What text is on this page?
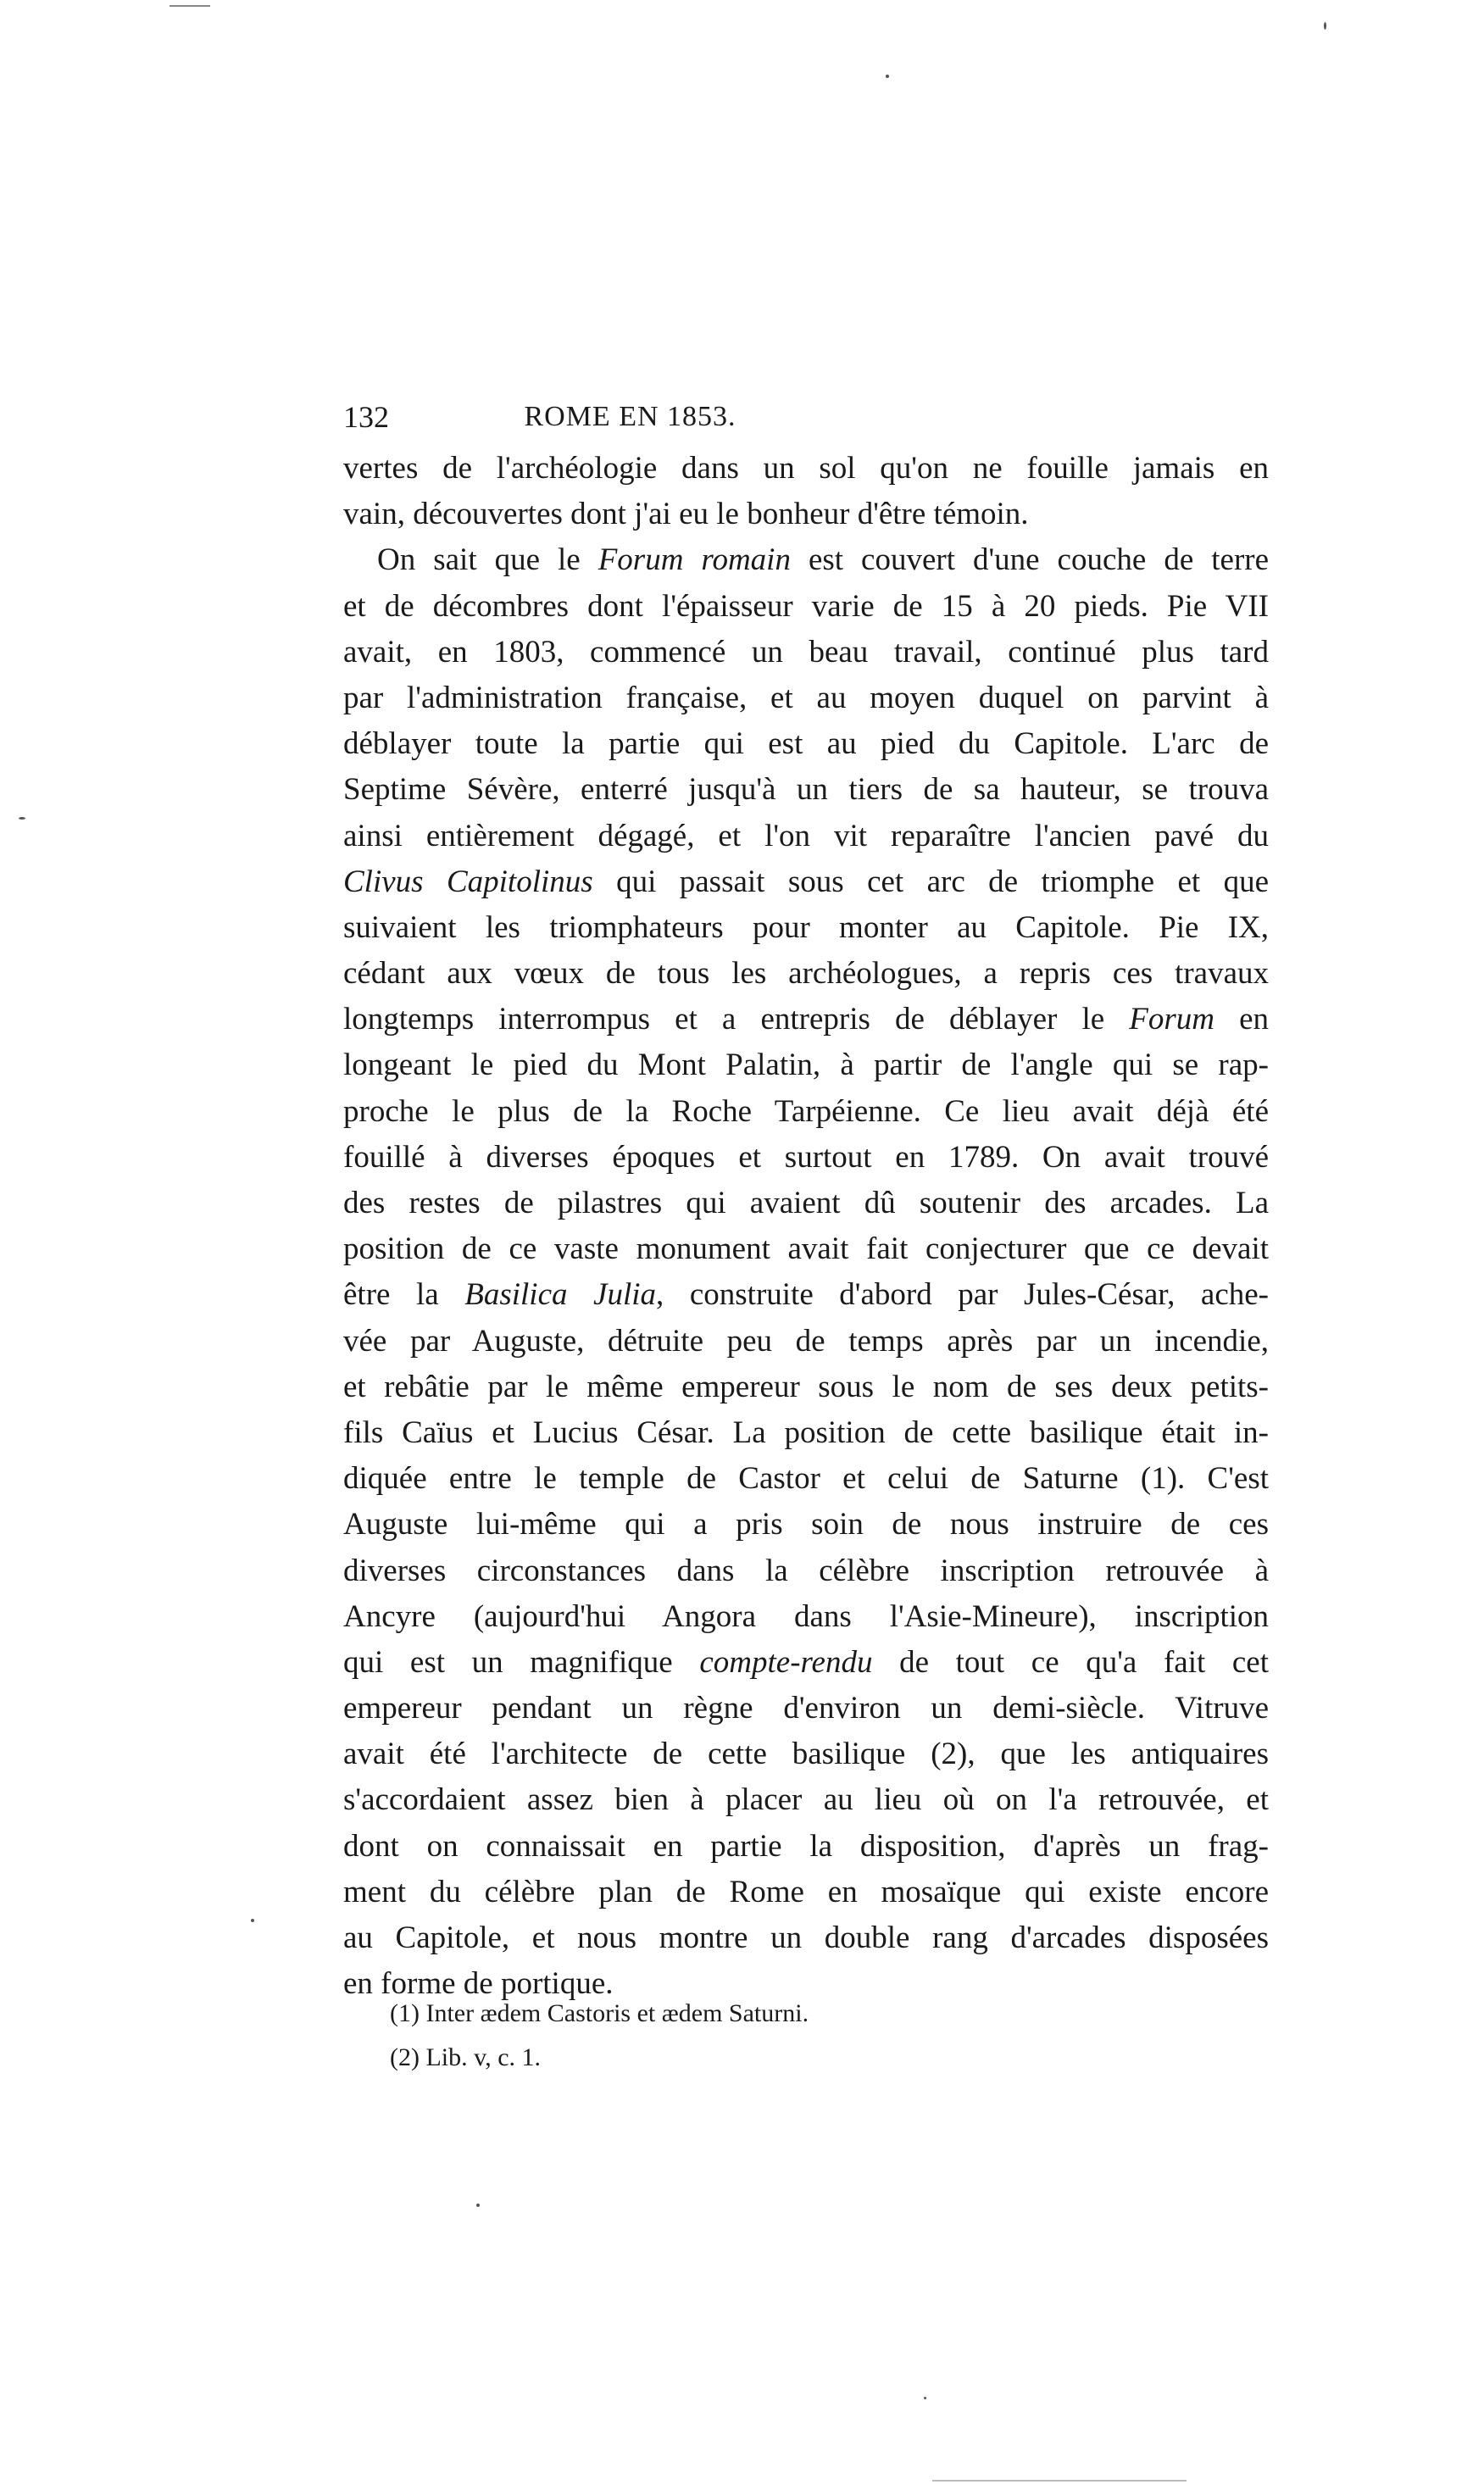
132	ROME EN 1853.
vertes de l'archéologie dans un sol qu'on ne fouille jamais en
vain, découvertes dont j'ai eu le bonheur d'être témoin.
On sait que le Forum romain est couvert d'une couche de terre
et de décombres dont l'épaisseur varie de 15 à 20 pieds. Pie VII
avait, en 1803, commencé un beau travail, continué plus tard
par l'administration française, et au moyen duquel on parvint à
déblayer toute la partie qui est au pied du Capitole. L'arc de
Septime Sévère, enterré jusqu'à un tiers de sa hauteur, se trouva
ainsi entièrement dégagé, et l'on vit reparaître l'ancien pavé du
Clivus Capitolinus qui passait sous cet arc de triomphe et que
suivaient les triomphateurs pour monter au Capitole. Pie IX,
cédant aux vœux de tous les archéologues, a repris ces travaux
longtemps interrompus et a entrepris de déblayer le Forum en
longeant le pied du Mont Palatin, à partir de l'angle qui se rap-
proche le plus de la Roche Tarpéienne. Ce lieu avait déjà été
fouillé à diverses époques et surtout en 1789. On avait trouvé
des restes de pilastres qui avaient dû soutenir des arcades. La
position de ce vaste monument avait fait conjecturer que ce devait
être la Basilica Julia, construite d'abord par Jules-César, ache-
vée par Auguste, détruite peu de temps après par un incendie,
et rebâtie par le même empereur sous le nom de ses deux petits-
fils Caïus et Lucius César. La position de cette basilique était in-
diquée entre le temple de Castor et celui de Saturne (1). C'est
Auguste lui-même qui a pris soin de nous instruire de ces
diverses circonstances dans la célèbre inscription retrouvée à
Ancyre (aujourd'hui Angora dans l'Asie-Mineure), inscription
qui est un magnifique compte-rendu de tout ce qu'a fait cet
empereur pendant un règne d'environ un demi-siècle. Vitruve
avait été l'architecte de cette basilique (2), que les antiquaires
s'accordaient assez bien à placer au lieu où on l'a retrouvée, et
dont on connaissait en partie la disposition, d'après un frag-
ment du célèbre plan de Rome en mosaïque qui existe encore
au Capitole, et nous montre un double rang d'arcades disposées
en forme de portique.
(1) Inter ædem Castoris et ædem Saturni.
(2) Lib. v, c. 1.
